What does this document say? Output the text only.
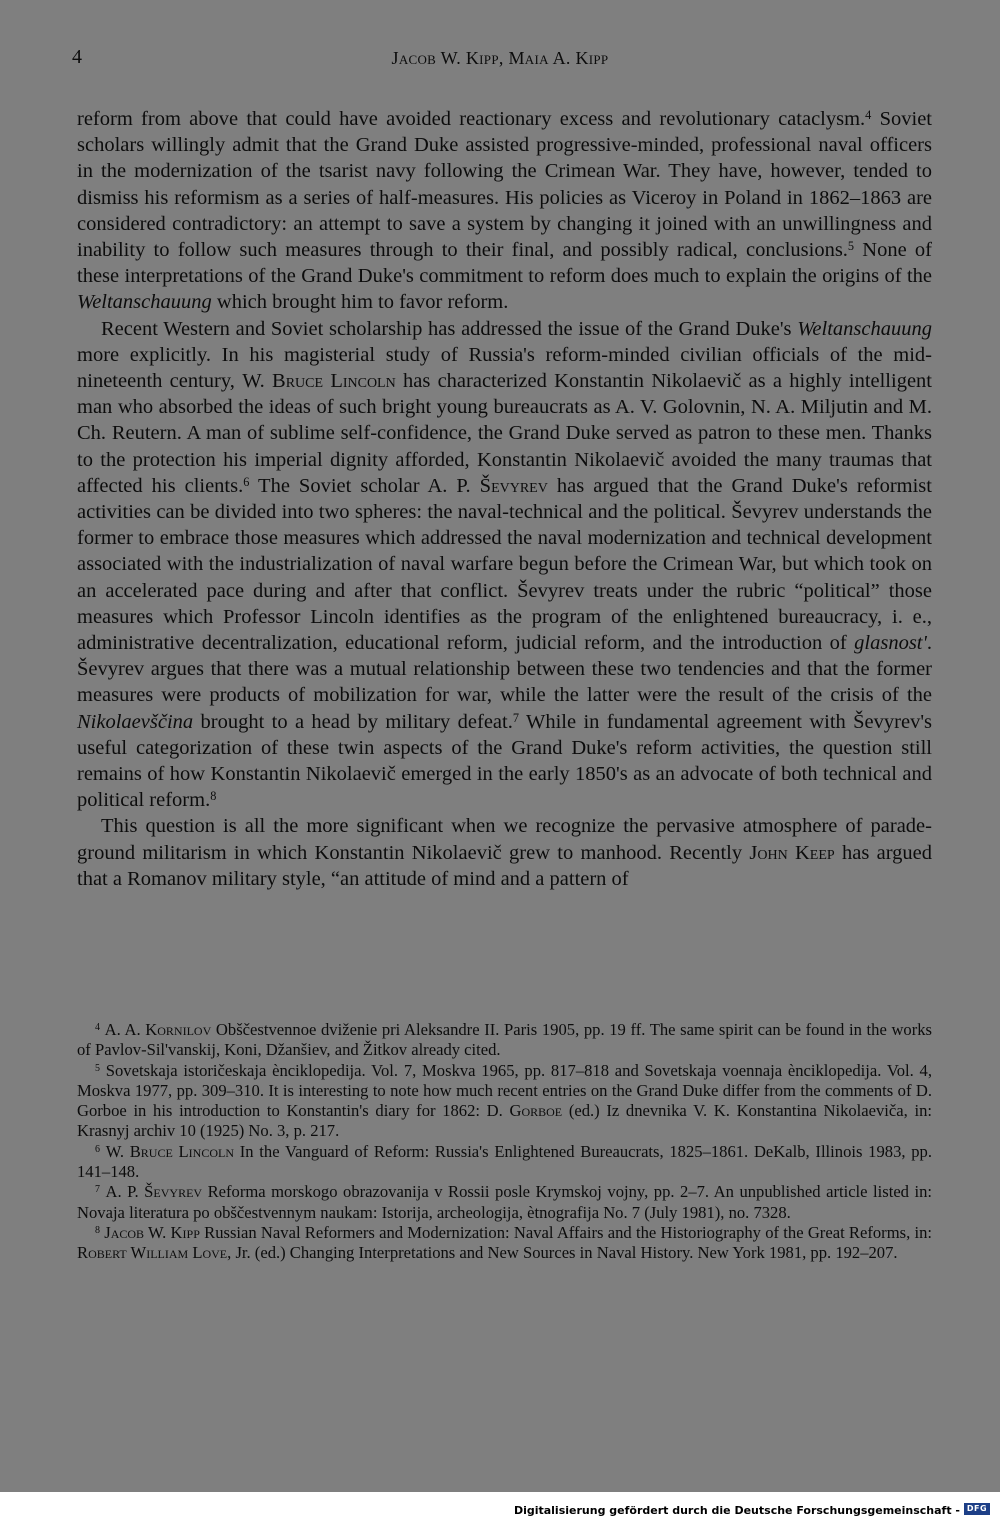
4	Jacob W. Kipp, Maia A. Kipp

reform from above that could have avoided reactionary excess and revolutionary cataclysm.$^4$ Soviet scholars willingly admit that the Grand Duke assisted progressive-minded, professional naval officers in the modernization of the tsarist navy following the Crimean War. They have, however, tended to dismiss his reformism as a series of half-measures. His policies as Viceroy in Poland in 1862–1863 are considered contradictory: an attempt to save a system by changing it joined with an unwillingness and inability to follow such measures through to their final, and possibly radical, conclusions.$^5$ None of these interpretations of the Grand Duke's commitment to reform does much to explain the origins of the Weltanschauung which brought him to favor reform.

Recent Western and Soviet scholarship has addressed the issue of the Grand Duke's Weltanschauung more explicitly. In his magisterial study of Russia's reform-minded civilian officials of the mid-nineteenth century, W. Bruce Lincoln has characterized Konstantin Nikolaevič as a highly intelligent man who absorbed the ideas of such bright young bureaucrats as A. V. Golovnin, N. A. Miljutin and M. Ch. Reutern. A man of sublime self-confidence, the Grand Duke served as patron to these men. Thanks to the protection his imperial dignity afforded, Konstantin Nikolaevič avoided the many traumas that affected his clients.$^6$ The Soviet scholar A. P. Ševyrev has argued that the Grand Duke's reformist activities can be divided into two spheres: the naval-technical and the political. Ševyrev understands the former to embrace those measures which addressed the naval modernization and technical development associated with the industrialization of naval warfare begun before the Crimean War, but which took on an accelerated pace during and after that conflict. Ševyrev treats under the rubric “political” those measures which Professor Lincoln identifies as the program of the enlightened bureaucracy, i. e., administrative decentralization, educational reform, judicial reform, and the introduction of glasnost'. Ševyrev argues that there was a mutual relationship between these two tendencies and that the former measures were products of mobilization for war, while the latter were the result of the crisis of the Nikolaevščina brought to a head by military defeat.$^7$ While in fundamental agreement with Ševyrev's useful categorization of these twin aspects of the Grand Duke's reform activities, the question still remains of how Konstantin Nikolaevič emerged in the early 1850's as an advocate of both technical and political reform.$^8$

This question is all the more significant when we recognize the pervasive atmosphere of parade-ground militarism in which Konstantin Nikolaevič grew to manhood. Recently John Keep has argued that a Romanov military style, “an attitude of mind and a pattern of

$^4$ A. A. Kornilov Obščestvennoe dviženie pri Aleksandre II. Paris 1905, pp. 19 ff. The same spirit can be found in the works of Pavlov-Sil'vanskij, Koni, Džanšiev, and Žitkov already cited.

$^5$ Sovetskaja istoričeskaja ènciklopedija. Vol. 7, Moskva 1965, pp. 817–818 and Sovetskaja voennaja ènciklopedija. Vol. 4, Moskva 1977, pp. 309–310. It is interesting to note how much recent entries on the Grand Duke differ from the comments of D. Gorboe in his introduction to Konstantin's diary for 1862: D. Gorboe (ed.) Iz dnevnika V. K. Konstantina Nikolaeviča, in: Krasnyj archiv 10 (1925) No. 3, p. 217.

$^6$ W. Bruce Lincoln In the Vanguard of Reform: Russia's Enlightened Bureaucrats, 1825–1861. DeKalb, Illinois 1983, pp. 141–148.

$^7$ A. P. Ševyrev Reforma morskogo obrazovanija v Rossii posle Krymskoj vojny, pp. 2–7. An unpublished article listed in: Novaja literatura po obščestvennym naukam: Istorija, archeologija, ètnografija No. 7 (July 1981), no. 7328.

$^8$ Jacob W. Kipp Russian Naval Reformers and Modernization: Naval Affairs and the Historiography of the Great Reforms, in: Robert William Love, Jr. (ed.) Changing Interpretations and New Sources in Naval History. New York 1981, pp. 192–207.

Digitalisierung gefördert durch die Deutsche Forschungsgemeinschaft - DFG
